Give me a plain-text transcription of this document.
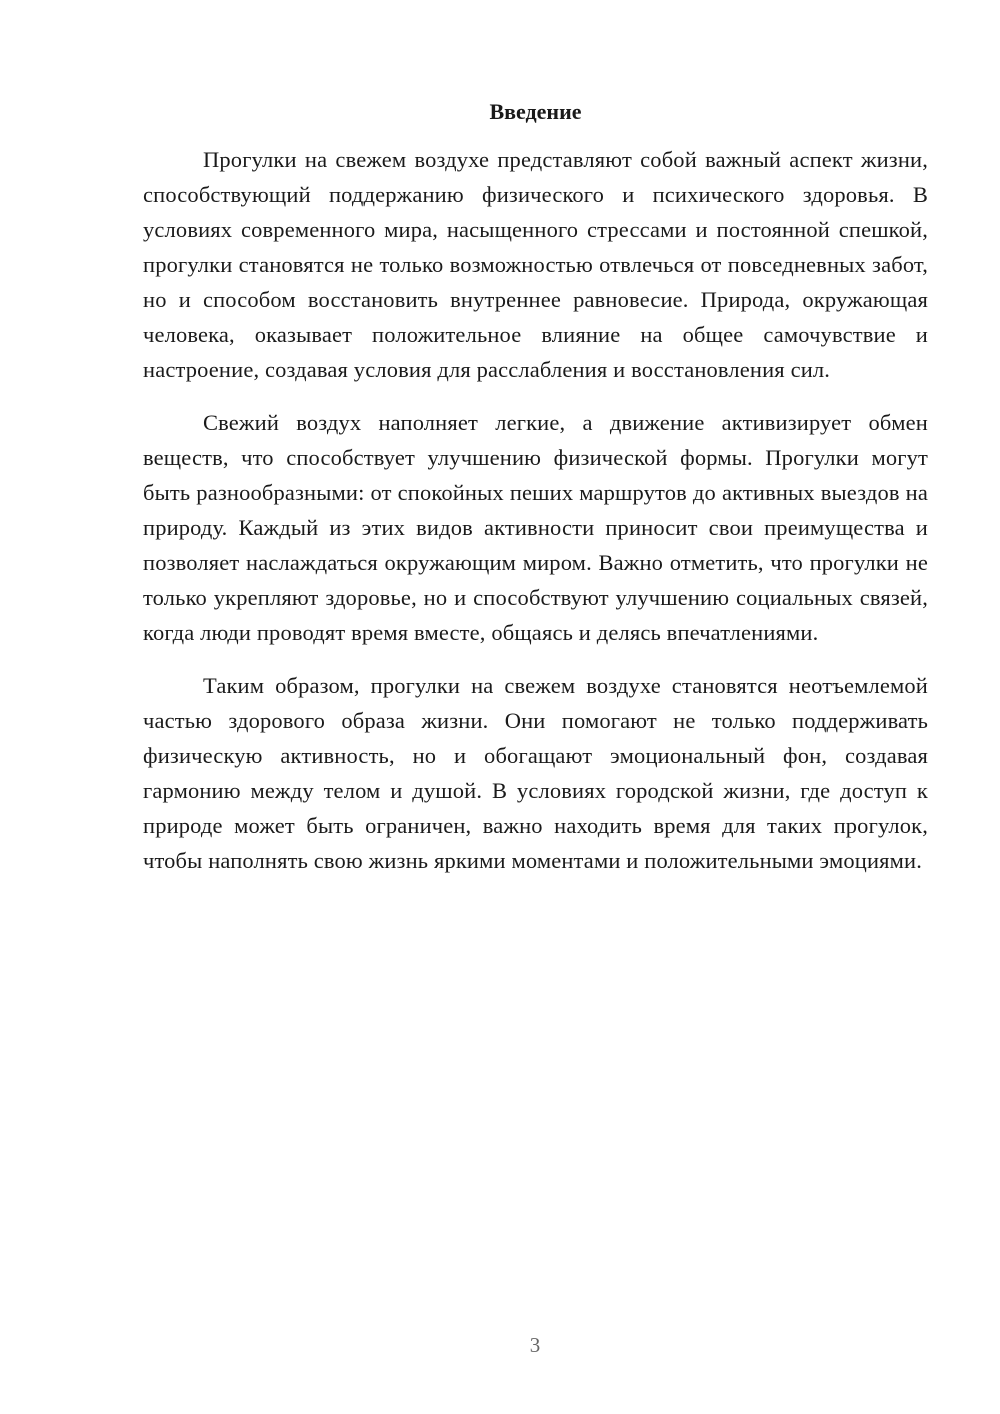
Введение

Прогулки на свежем воздухе представляют собой важный аспект жизни, способствующий поддержанию физического и психического здоровья. В условиях современного мира, насыщенного стрессами и постоянной спешкой, прогулки становятся не только возможностью отвлечься от повседневных забот, но и способом восстановить внутреннее равновесие. Природа, окружающая человека, оказывает положительное влияние на общее самочувствие и настроение, создавая условия для расслабления и восстановления сил.

Свежий воздух наполняет легкие, а движение активизирует обмен веществ, что способствует улучшению физической формы. Прогулки могут быть разнообразными: от спокойных пеших маршрутов до активных выездов на природу. Каждый из этих видов активности приносит свои преимущества и позволяет наслаждаться окружающим миром. Важно отметить, что прогулки не только укрепляют здоровье, но и способствуют улучшению социальных связей, когда люди проводят время вместе, общаясь и делясь впечатлениями.

Таким образом, прогулки на свежем воздухе становятся неотъемлемой частью здорового образа жизни. Они помогают не только поддерживать физическую активность, но и обогащают эмоциональный фон, создавая гармонию между телом и душой. В условиях городской жизни, где доступ к природе может быть ограничен, важно находить время для таких прогулок, чтобы наполнять свою жизнь яркими моментами и положительными эмоциями.

3
